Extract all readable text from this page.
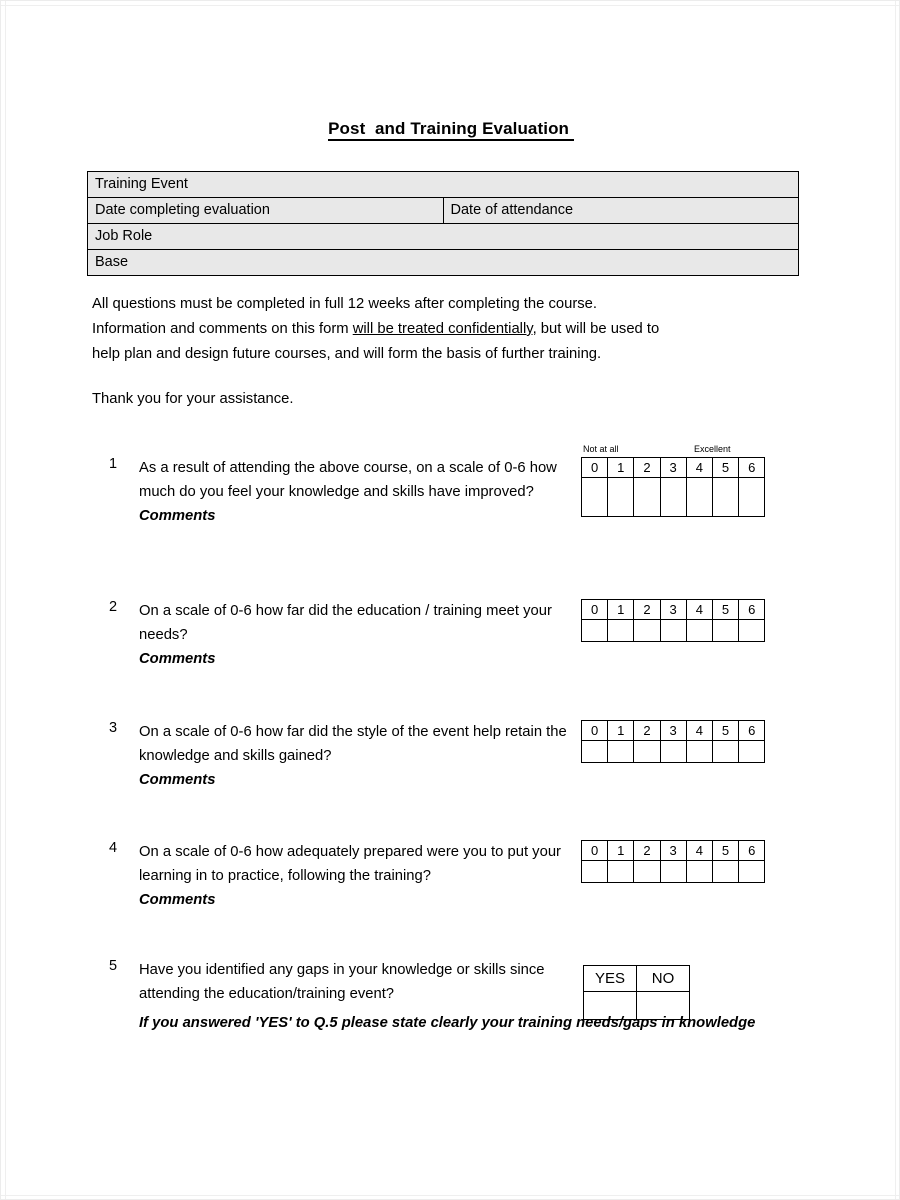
Post  and Training Evaluation
Training Event
Date completing evaluation	Date of attendance
Job Role
Base
All questions must be completed in full 12 weeks after completing the course.
Information and comments on this form will be treated confidentially, but will be used to
help plan and design future courses, and will form the basis of further training.
Thank you for your assistance.
1	As a result of attending the above course, on a scale of 0-6 how much do you feel your knowledge and skills have improved?
Comments
Not at all	Excellent
0	1	2	3	4	5	6

2	On a scale of 0-6 how far did the education / training meet your needs?
Comments
0	1	2	3	4	5	6

3	On a scale of 0-6 how far did the style of the event help retain the knowledge and skills gained?
Comments
0	1	2	3	4	5	6

4	On a scale of 0-6 how adequately prepared were you to put your learning in to practice, following the training?
Comments
0	1	2	3	4	5	6

5	Have you identified any gaps in your knowledge or skills since attending the education/training event?
YES	NO

If you answered 'YES' to Q.5 please state clearly your training needs/gaps in knowledge
